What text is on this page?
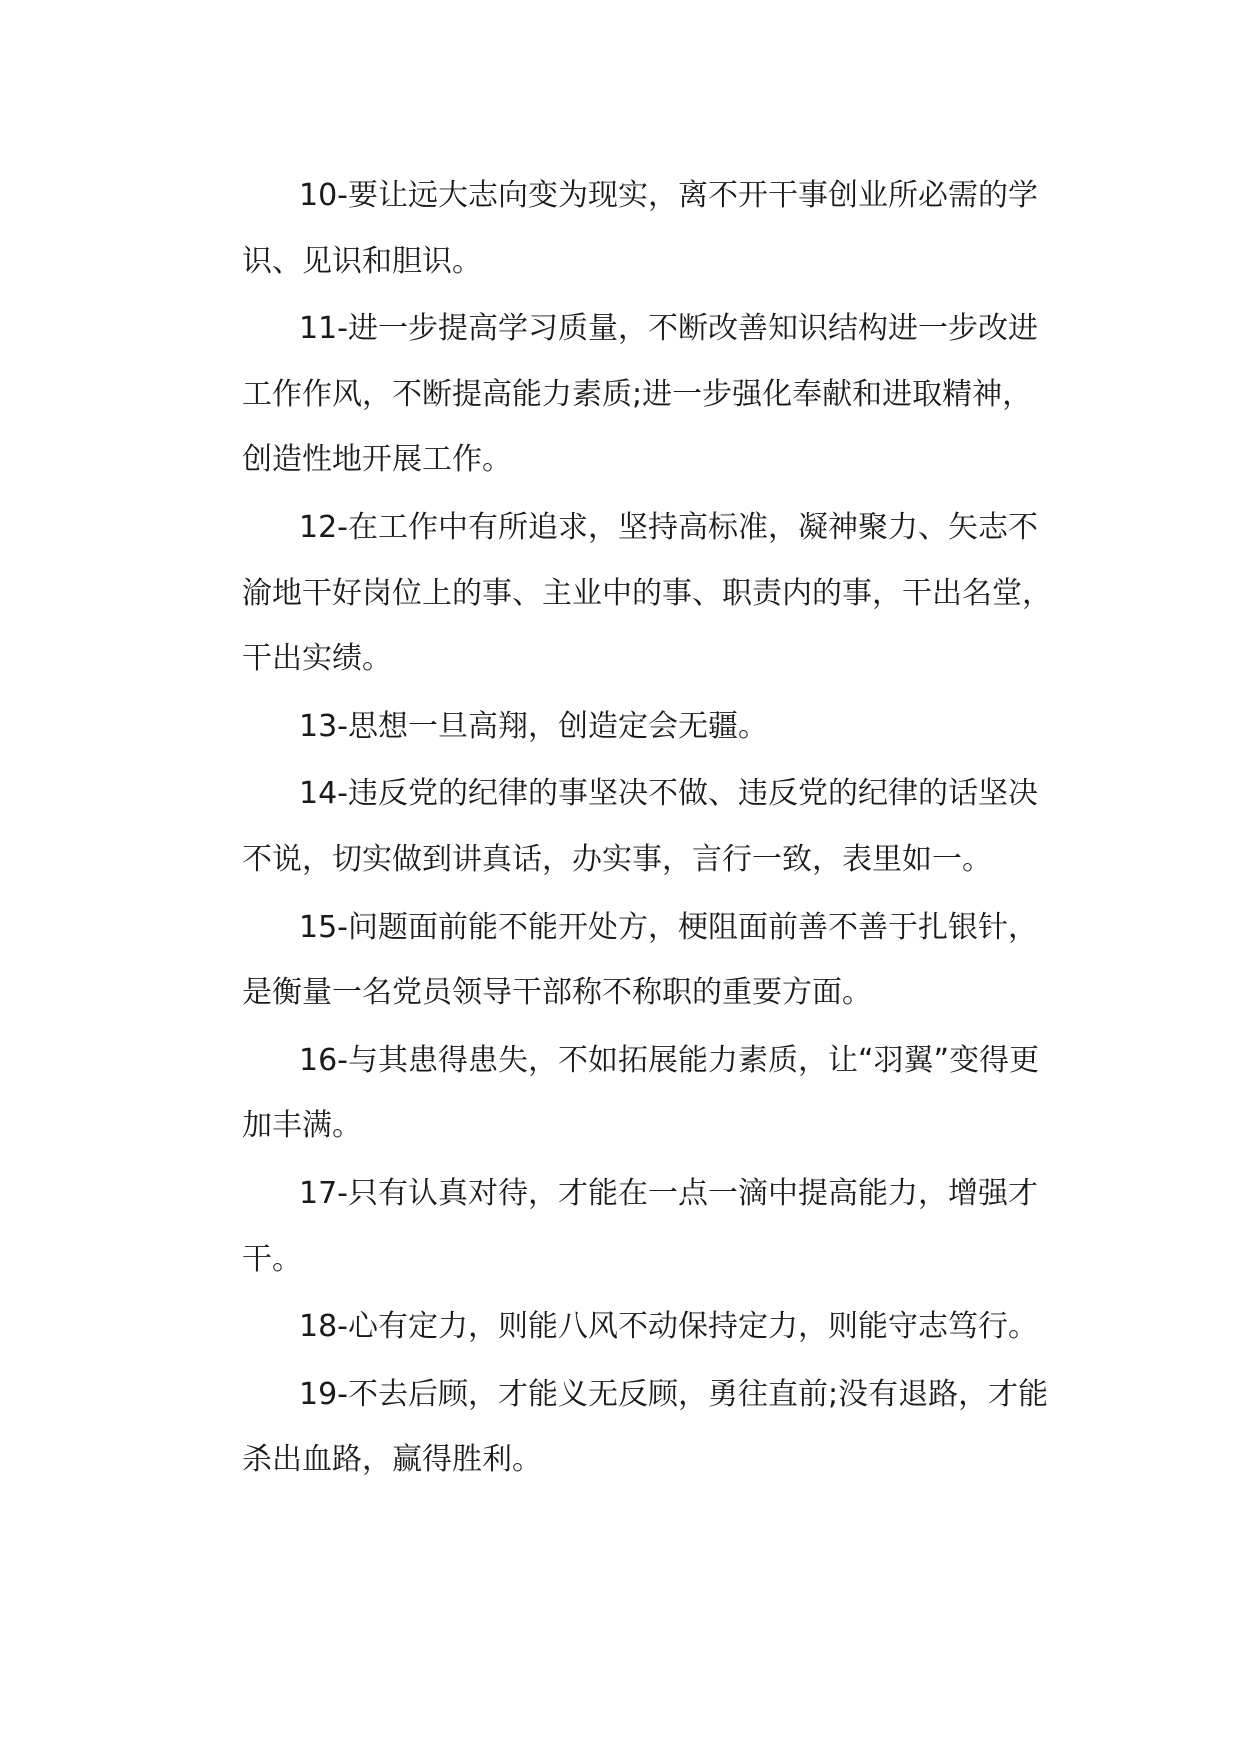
10-要让远大志向变为现实，离不开干事创业所必需的学识、见识和胆识。

11-进一步提高学习质量，不断改善知识结构进一步改进工作作风，不断提高能力素质;进一步强化奉献和进取精神，创造性地开展工作。

12-在工作中有所追求，坚持高标准，凝神聚力、矢志不渝地干好岗位上的事、主业中的事、职责内的事，干出名堂，干出实绩。

13-思想一旦高翔，创造定会无疆。

14-违反党的纪律的事坚决不做、违反党的纪律的话坚决不说，切实做到讲真话，办实事，言行一致，表里如一。

15-问题面前能不能开处方，梗阻面前善不善于扎银针，是衡量一名党员领导干部称不称职的重要方面。

16-与其患得患失，不如拓展能力素质，让“羽翼”变得更加丰满。

17-只有认真对待，才能在一点一滴中提高能力，增强才干。

18-心有定力，则能八风不动保持定力，则能守志笃行。

19-不去后顾，才能义无反顾，勇往直前;没有退路，才能杀出血路，赢得胜利。
